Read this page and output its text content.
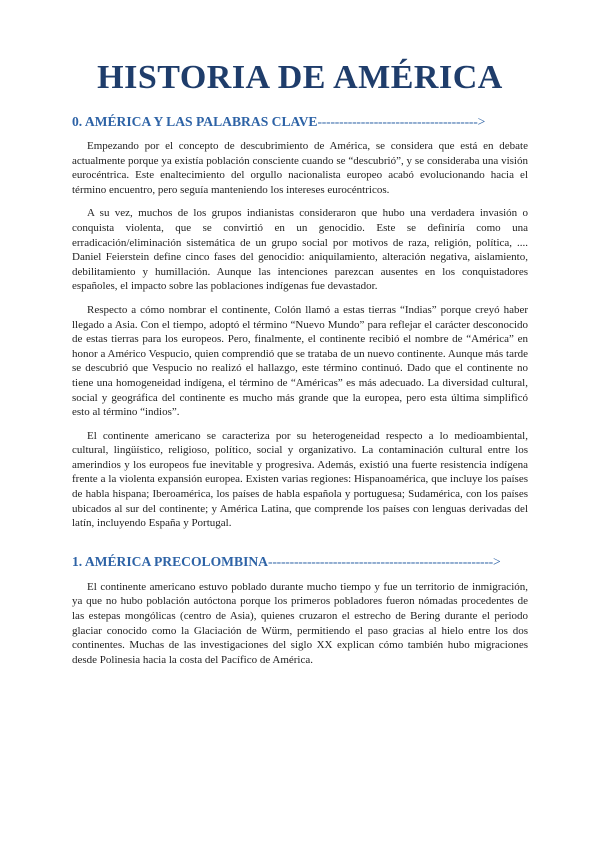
HISTORIA DE AMÉRICA
0. AMÉRICA Y LAS PALABRAS CLAVE------------------------------------->

Empezando por el concepto de descubrimiento de América, se considera que está en debate actualmente porque ya existía población consciente cuando se “descubrió”, y se consideraba una visión eurocéntrica. Este enaltecimiento del orgullo nacionalista europeo acabó evolucionando hacia el término encuentro, pero seguía manteniendo los intereses eurocéntricos.

A su vez, muchos de los grupos indianistas consideraron que hubo una verdadera invasión o conquista violenta, que se convirtió en un genocidio. Este se definiría como una erradicación/eliminación sistemática de un grupo social por motivos de raza, religión, política, .... Daniel Feierstein define cinco fases del genocidio: aniquilamiento, alteración negativa, aislamiento, debilitamiento y humillación. Aunque las intenciones parezcan ausentes en los conquistadores españoles, el impacto sobre las poblaciones indígenas fue devastador.

Respecto a cómo nombrar el continente, Colón llamó a estas tierras “Indias” porque creyó haber llegado a Asia. Con el tiempo, adoptó el término “Nuevo Mundo” para reflejar el carácter desconocido de estas tierras para los europeos. Pero, finalmente, el continente recibió el nombre de “América” en honor a Américo Vespucio, quien comprendió que se trataba de un nuevo continente. Aunque más tarde se descubrió que Vespucio no realizó el hallazgo, este término continuó. Dado que el continente no tiene una homogeneidad indígena, el término de “Américas” es más adecuado. La diversidad cultural, social y geográfica del continente es mucho más grande que la europea, pero esta última simplificó esto al término “indios”.

El continente americano se caracteriza por su heterogeneidad respecto a lo medioambiental, cultural, lingüístico, religioso, político, social y organizativo. La contaminación cultural entre los amerindios y los europeos fue inevitable y progresiva. Además, existió una fuerte resistencia indígena frente a la violenta expansión europea. Existen varias regiones: Hispanoamérica, que incluye los países de habla hispana; Iberoamérica, los países de habla española y portuguesa; Sudamérica, con los países ubicados al sur del continente; y América Latina, que comprende los países con lenguas derivadas del latín, incluyendo España y Portugal.

1. AMÉRICA PRECOLOMBINA---------------------------------------------------->

El continente americano estuvo poblado durante mucho tiempo y fue un territorio de inmigración, ya que no hubo población autóctona porque los primeros pobladores fueron nómadas procedentes de las estepas mongólicas (centro de Asia), quienes cruzaron el estrecho de Bering durante el periodo glaciar conocido como la Glaciación de Würm, permitiendo el paso gracias al hielo entre los dos continentes. Muchas de las investigaciones del siglo XX explican cómo también hubo migraciones desde Polinesia hacia la costa del Pacífico de América.
